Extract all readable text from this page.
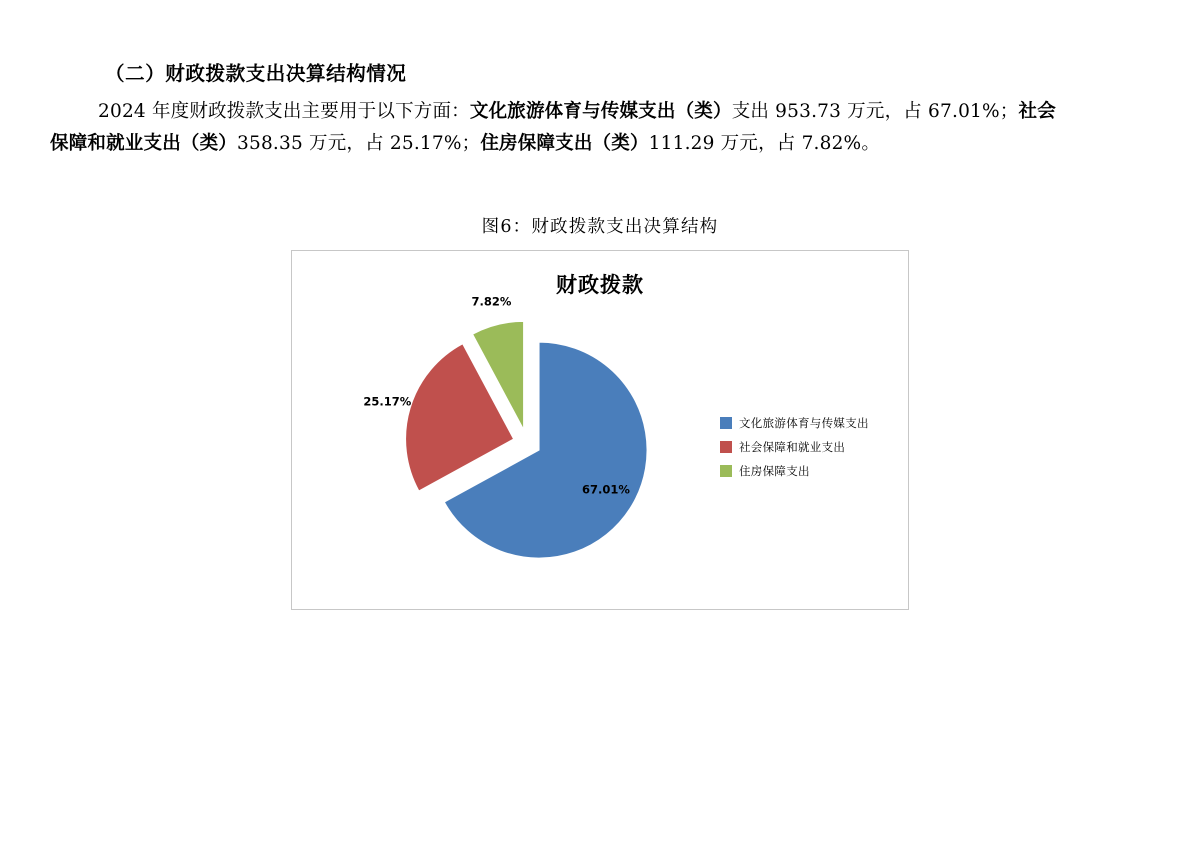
（二）财政拨款支出决算结构情况
2024 年度财政拨款支出主要用于以下方面：文化旅游体育与传媒支出（类）支出 953.73 万元，占 67.01%；社会保障和就业支出（类）358.35 万元，占 25.17%；住房保障支出（类）111.29 万元，占 7.82%。
图6：财政拨款支出决算结构
财政拨款
67.01%
25.17%
7.82%
文化旅游体育与传媒支出
社会保障和就业支出
住房保障支出
